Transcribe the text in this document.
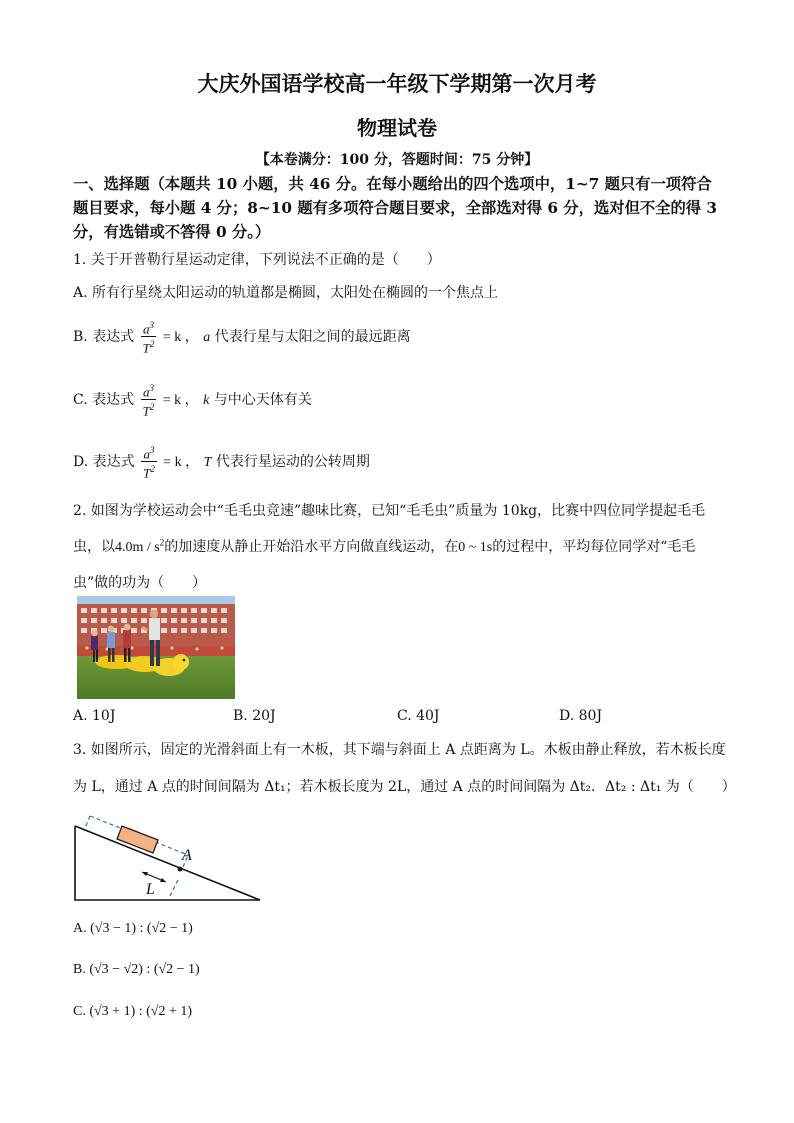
大庆外国语学校高一年级下学期第一次月考
物理试卷
【本卷满分：100 分，答题时间：75 分钟】
一、选择题（本题共 10 小题，共 46 分。在每小题给出的四个选项中，1~7 题只有一项符合
题目要求，每小题 4 分；8~10 题有多项符合题目要求，全部选对得 6 分，选对但不全的得 3
分，有选错或不答得 0 分。）
1. 关于开普勒行星运动定律，下列说法不正确的是（　　）
A. 所有行星绕太阳运动的轨道都是椭圆，太阳处在椭圆的一个焦点上
B. 表达式 $\frac{a^3}{T^2} = k$ ， a 代表行星与太阳之间的最远距离
C. 表达式 $\frac{a^3}{T^2} = k$ ， k 与中心天体有关
D. 表达式 $\frac{a^3}{T^2} = k$ ， T 代表行星运动的公转周期
2. 如图为学校运动会中“毛毛虫竞速”趣味比赛，已知“毛毛虫”质量为 10kg，比赛中四位同学提起毛毛
虫，以$4.0m / s^2$的加速度从静止开始沿水平方向做直线运动，在0 ~ 1s的过程中，平均每位同学对“毛毛
虫”做的功为（　　）
A. 10J	B. 20J	C. 40J	D. 80J
3. 如图所示，固定的光滑斜面上有一木板，其下端与斜面上 A 点距离为 L。木板由静止释放，若木板长度
为 L，通过 A 点的时间间隔为 Δt₁；若木板长度为 2L，通过 A 点的时间间隔为 Δt₂．Δt₂ : Δt₁ 为（　　）
A
L
A. (√3 − 1) : (√2 − 1)
B. (√3 − √2) : (√2 − 1)
C. (√3 + 1) : (√2 + 1)
